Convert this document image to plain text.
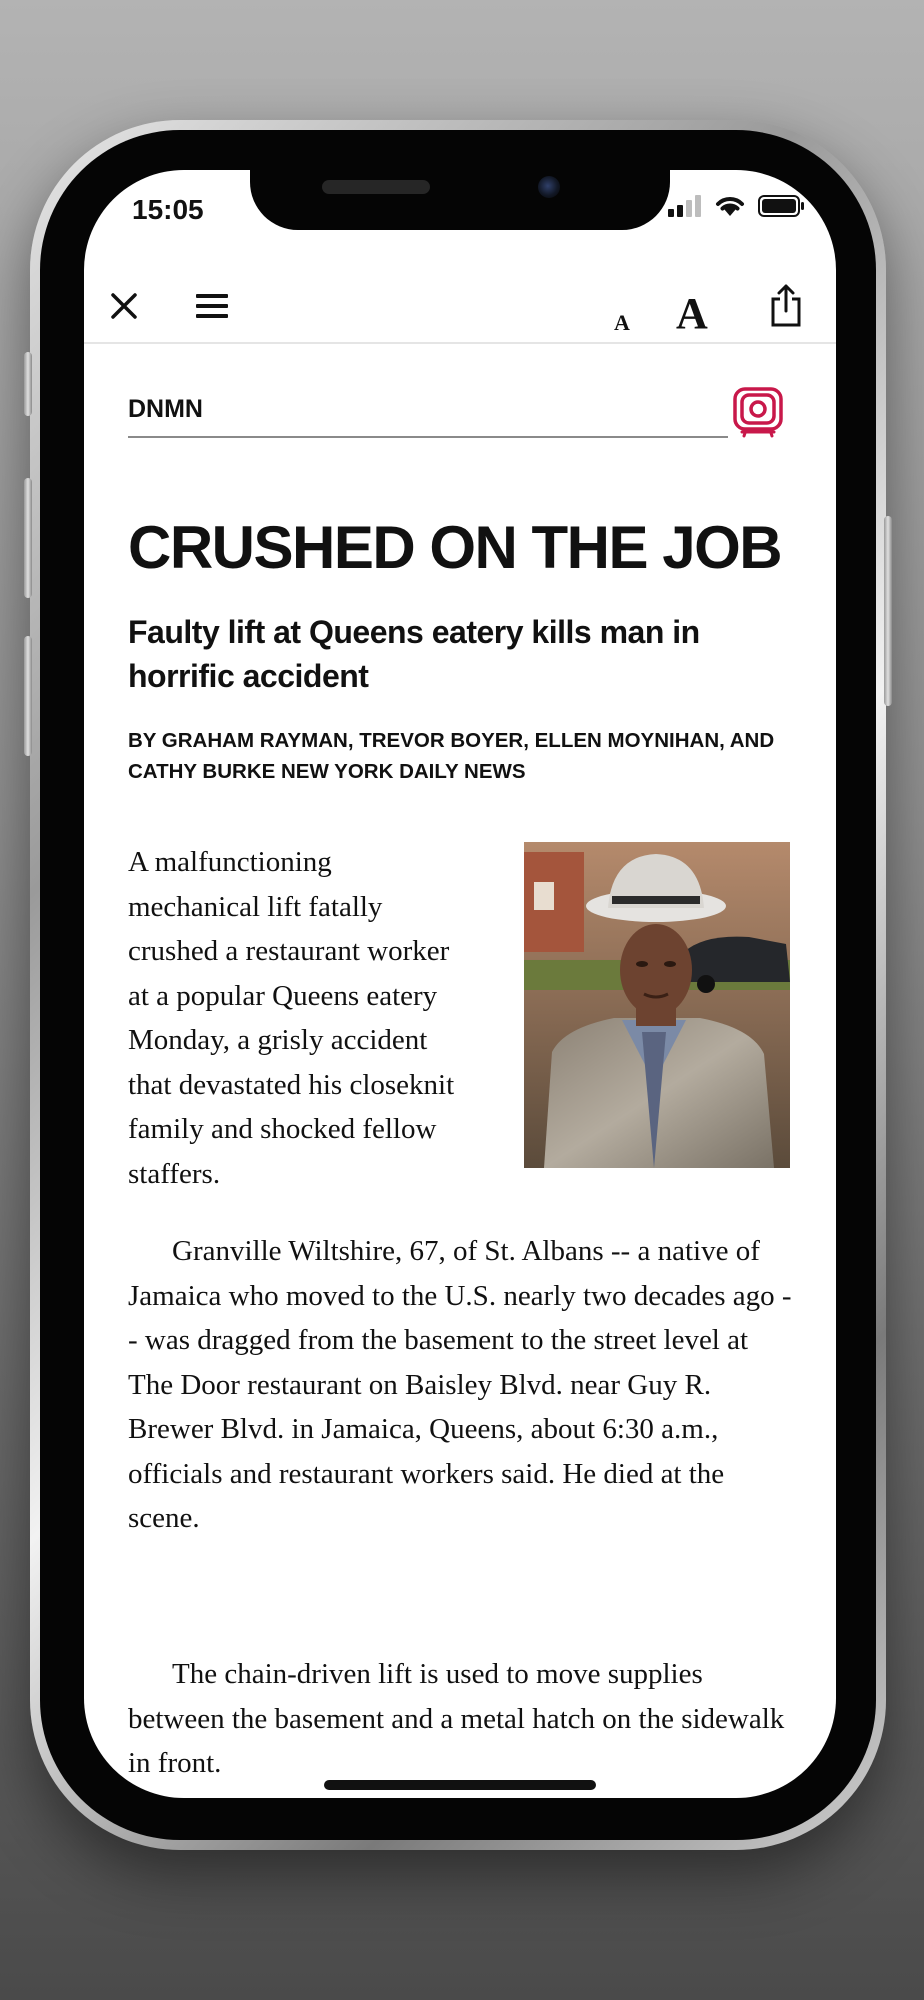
15:05
A A
DNMN
CRUSHED ON THE JOB
Faulty lift at Queens eatery kills man in horrific accident
BY GRAHAM RAYMAN, TREVOR BOYER, ELLEN MOYNIHAN, AND CATHY BURKE NEW YORK DAILY NEWS
A malfunctioning mechanical lift fatally crushed a restaurant worker at a popular Queens eatery Monday, a grisly accident that devastated his closeknit family and shocked fellow staffers.
Granville Wiltshire, 67, of St. Albans -- a native of Jamaica who moved to the U.S. nearly two decades ago -- was dragged from the basement to the street level at The Door restaurant on Baisley Blvd. near Guy R. Brewer Blvd. in Jamaica, Queens, about 6:30 a.m., officials and restaurant workers said. He died at the scene.
The chain-driven lift is used to move supplies between the basement and a metal hatch on the sidewalk in front.
